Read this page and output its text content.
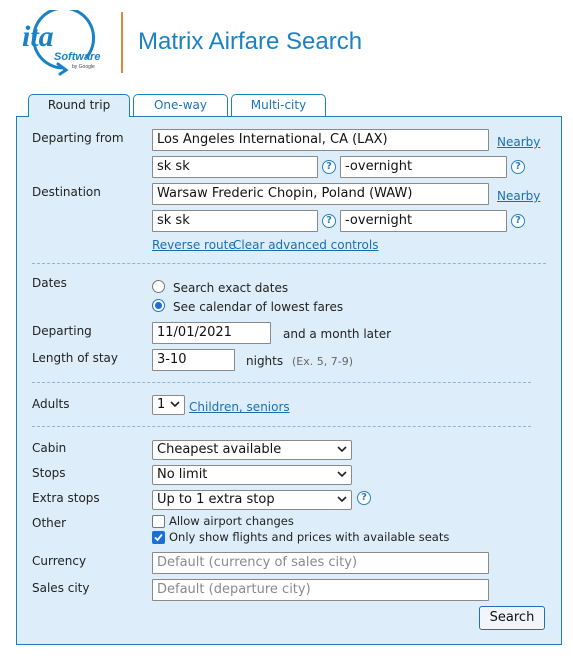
ita
Software
by Google
Matrix Airfare Search
Round trip	One-way	Multi-city
Departing from	Los Angeles International, CA (LAX)	Nearby
sk sk	?	-overnight	?
Destination	Warsaw Frederic Chopin, Poland (WAW)	Nearby
sk sk	?	-overnight	?
Reverse route
Clear advanced controls
Dates	Search exact dates
See calendar of lowest fares
Departing	11/01/2021	and a month later
Length of stay	3-10	nights (Ex. 5, 7-9)
Adults	1	Children, seniors
Cabin	Cheapest available
Stops	No limit
Extra stops	Up to 1 extra stop	?
Other	Allow airport changes
Only show flights and prices with available seats
Currency	Default (currency of sales city)
Sales city	Default (departure city)
Search
